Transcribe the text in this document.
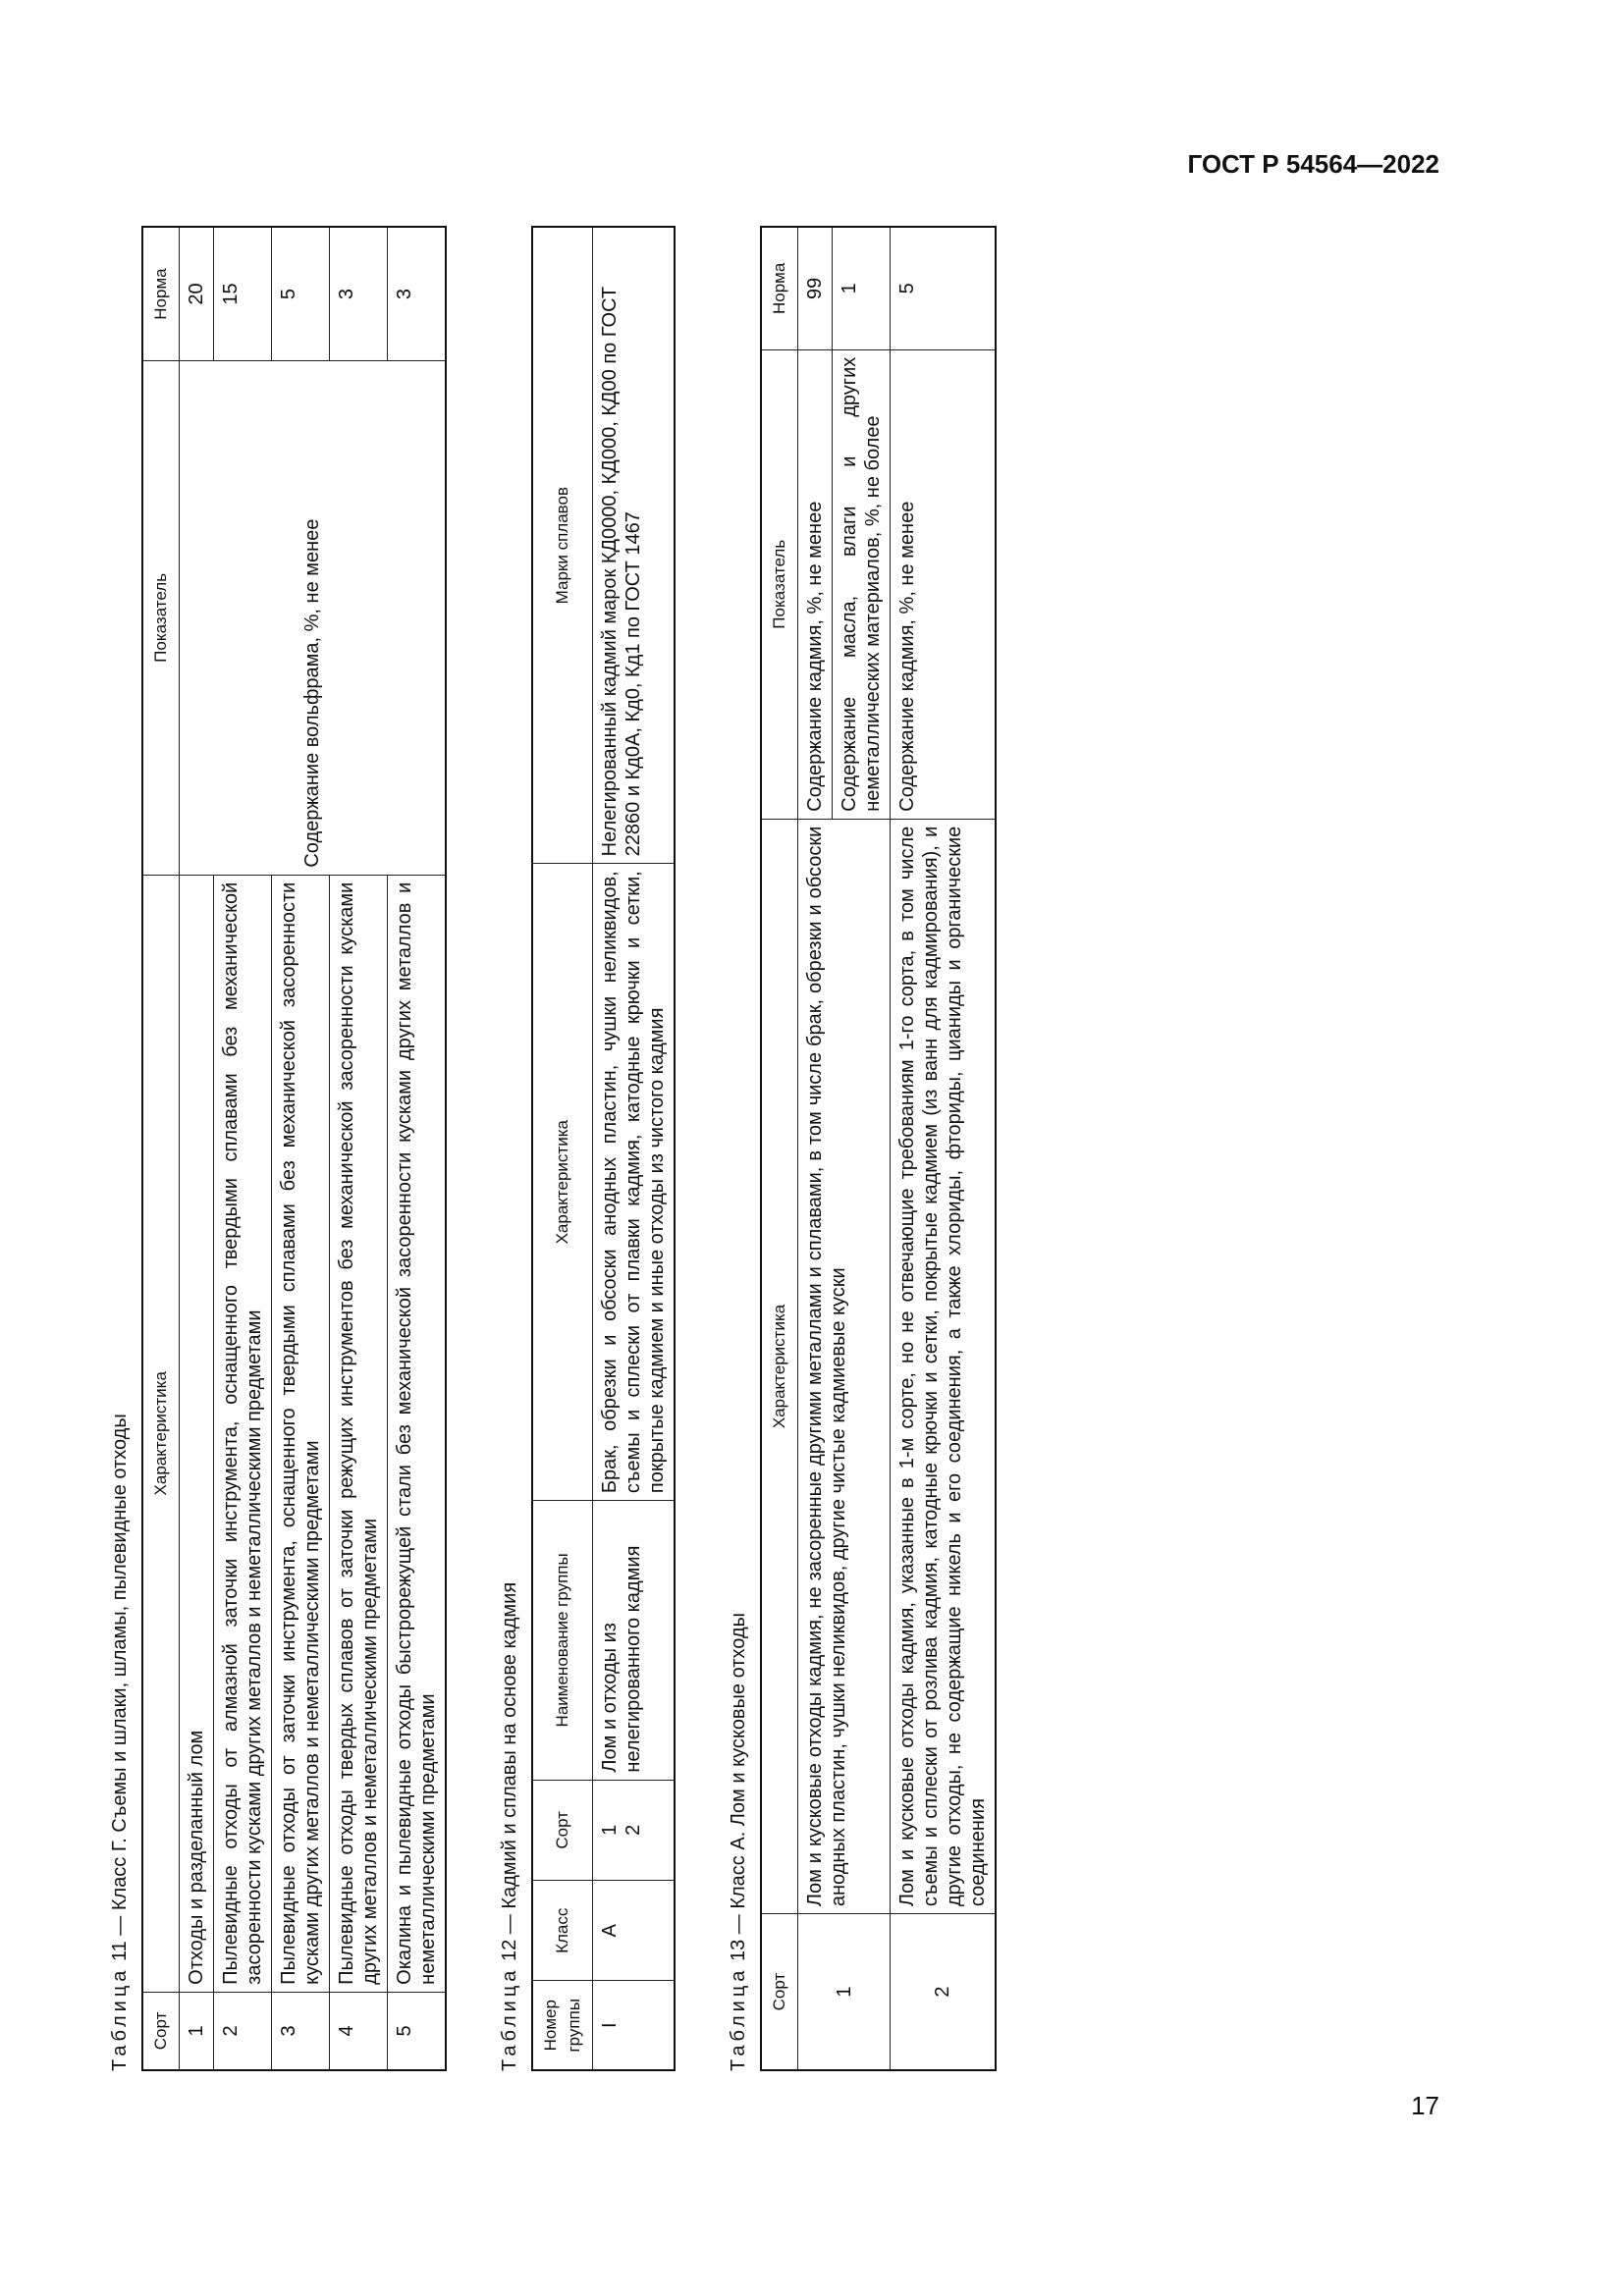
ГОСТ Р 54564—2022
Таблица 11 — Класс Г. Съемы и шлаки, шламы, пылевидные отходы
Сорт	Характеристика	Показатель	Норма
1	Отходы и разделанный лом	Содержание вольфрама, %, не менее	20
2	Пылевидные отходы от алмазной заточки инструмента, оснащенного твердыми сплавами без механической засоренности кусками других металлов и неметаллическими предметами		15
3	Пылевидные отходы от заточки инструмента, оснащенного твердыми сплавами без механической засоренности кусками других металлов и неметаллическими предметами		5
4	Пылевидные отходы твердых сплавов от заточки режущих инструментов без механической засоренности кусками других металлов и неметаллическими предметами		3
5	Окалина и пылевидные отходы быстрорежущей стали без механической засоренности кусками других металлов и неметаллическими предметами		3
Таблица 12 — Кадмий и сплавы на основе кадмия
Номер группы	Класс	Сорт	Наименование группы	Характеристика	Марки сплавов
I	А	1 2	Лом и отходы из нелегированного кадмия	Брак, обрезки и обсоски анодных пластин, чушки неликвидов, съемы и сплески от плавки кадмия, катодные крючки и сетки, покрытые кадмием и иные отходы из чистого кадмия	Нелегированный кадмий марок КД0000, КД000, КД00 по ГОСТ 22860 и Кд0А, Кд0, Кд1 по ГОСТ 1467
Таблица 13 — Класс А. Лом и кусковые отходы
Сорт	Характеристика	Показатель	Норма
1	Лом и кусковые отходы кадмия, не засоренные другими металлами и сплавами, в том числе брак, обрезки и обсоски анодных пластин, чушки неликвидов, другие чистые кадмиевые куски	Содержание кадмия, %, не менее	99
		Содержание масла, влаги и других неметаллических материалов, %, не более	1
2	Лом и кусковые отходы кадмия, указанные в 1-м сорте, но не отвечающие требованиям 1-го сорта, в том числе съемы и сплески от розлива кадмия, катодные крючки и сетки, покрытые кадмием (из ванн для кадмирования), и другие отходы, не содержащие никель и его соединения, а также хлориды, фториды, цианиды и органические соединения	Содержание кадмия, %, не менее	5
17
